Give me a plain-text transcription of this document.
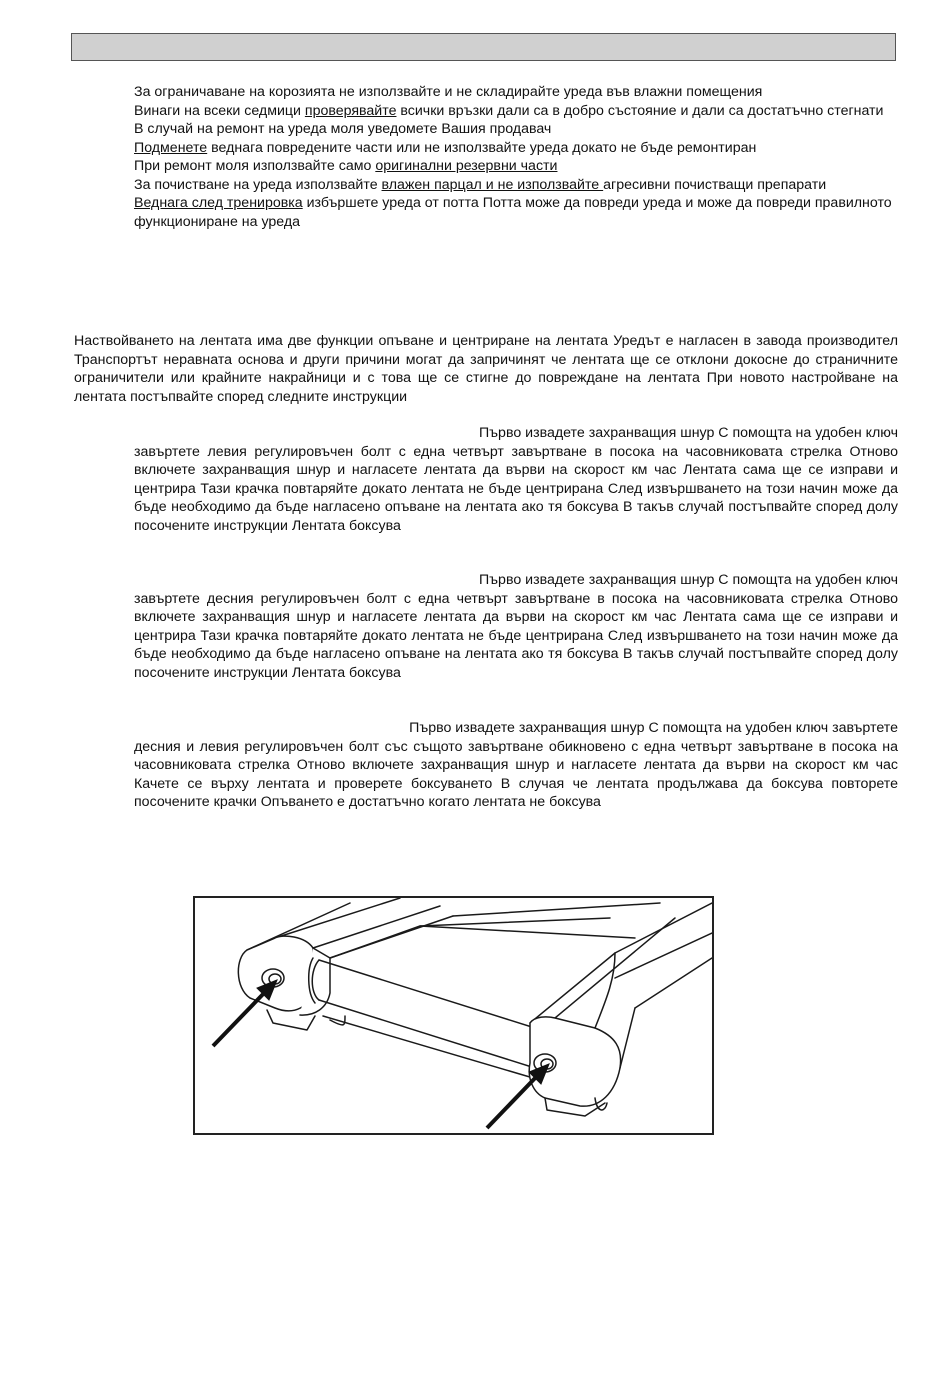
За ограничаване на корозията не използвайте и не складирайте уреда във влажни помещения

Винаги на всеки седмици проверявайте всички връзки дали са в добро състояние и дали са достатъчно стегнати

В случай на ремонт на уреда моля уведомете Вашия продавач

Подменете веднага повредените части или не използвайте уреда докато не бъде ремонтиран

При ремонт моля използвайте само оригинални резервни части

За почистване на уреда използвайте влажен парцал и не използвайте агресивни почистващи препарати

Веднага след тренировка избършете уреда от потта Потта може да повреди уреда и може да повреди правилното функциониране на уреда

Наствойването на лентата има две функции опъване и центриране на лентата Уредът е нагласен в завода производител Транспортът неравната основа и други причини могат да запричинят че лентата ще се отклони докосне до страничните ограничители или крайните накрайници и с това ще се стигне до повреждане на лентата При новото настройване на лентата постъпвайте според следните инструкции

Първо извадете захранващия шнур С помощта на удобен ключ
завъртете левия регулировъчен болт с една четвърт завъртване в посока на часовниковата стрелка Отново включете захранващия шнур и нагласете лентата да върви на скорост км час Лентата сама ще се изправи и центрира Тази крачка повтаряйте докато лентата не бъде центрирана След извършването на този начин може да бъде необходимо да бъде нагласено опъване на лентата ако тя боксува В такъв случай постъпвайте според долу посочените инструкции Лентата боксува

Първо извадете захранващия шнур С помощта на удобен ключ
завъртете десния регулировъчен болт с една четвърт завъртване в посока на часовниковата стрелка Отново включете захранващия шнур и нагласете лентата да върви на скорост км час Лентата сама ще се изправи и центрира Тази крачка повтаряйте докато лентата не бъде центрирана След извършването на този начин може да бъде необходимо да бъде нагласено опъване на лентата ако тя боксува В такъв случай постъпвайте според долу посочените инструкции Лентата боксува

Първо извадете захранващия шнур С помощта на удобен ключ завъртете
десния и левия регулировъчен болт със същото завъртване обикновено с една четвърт завъртване в посока на часовниковата стрелка Отново включете захранващия шнур и нагласете лентата да върви на скорост км час Качете се върху лентата и проверете боксуването В случая че лентата продължава да боксува повторете посочените крачки Опъването е достатъчно когато лентата не боксува
